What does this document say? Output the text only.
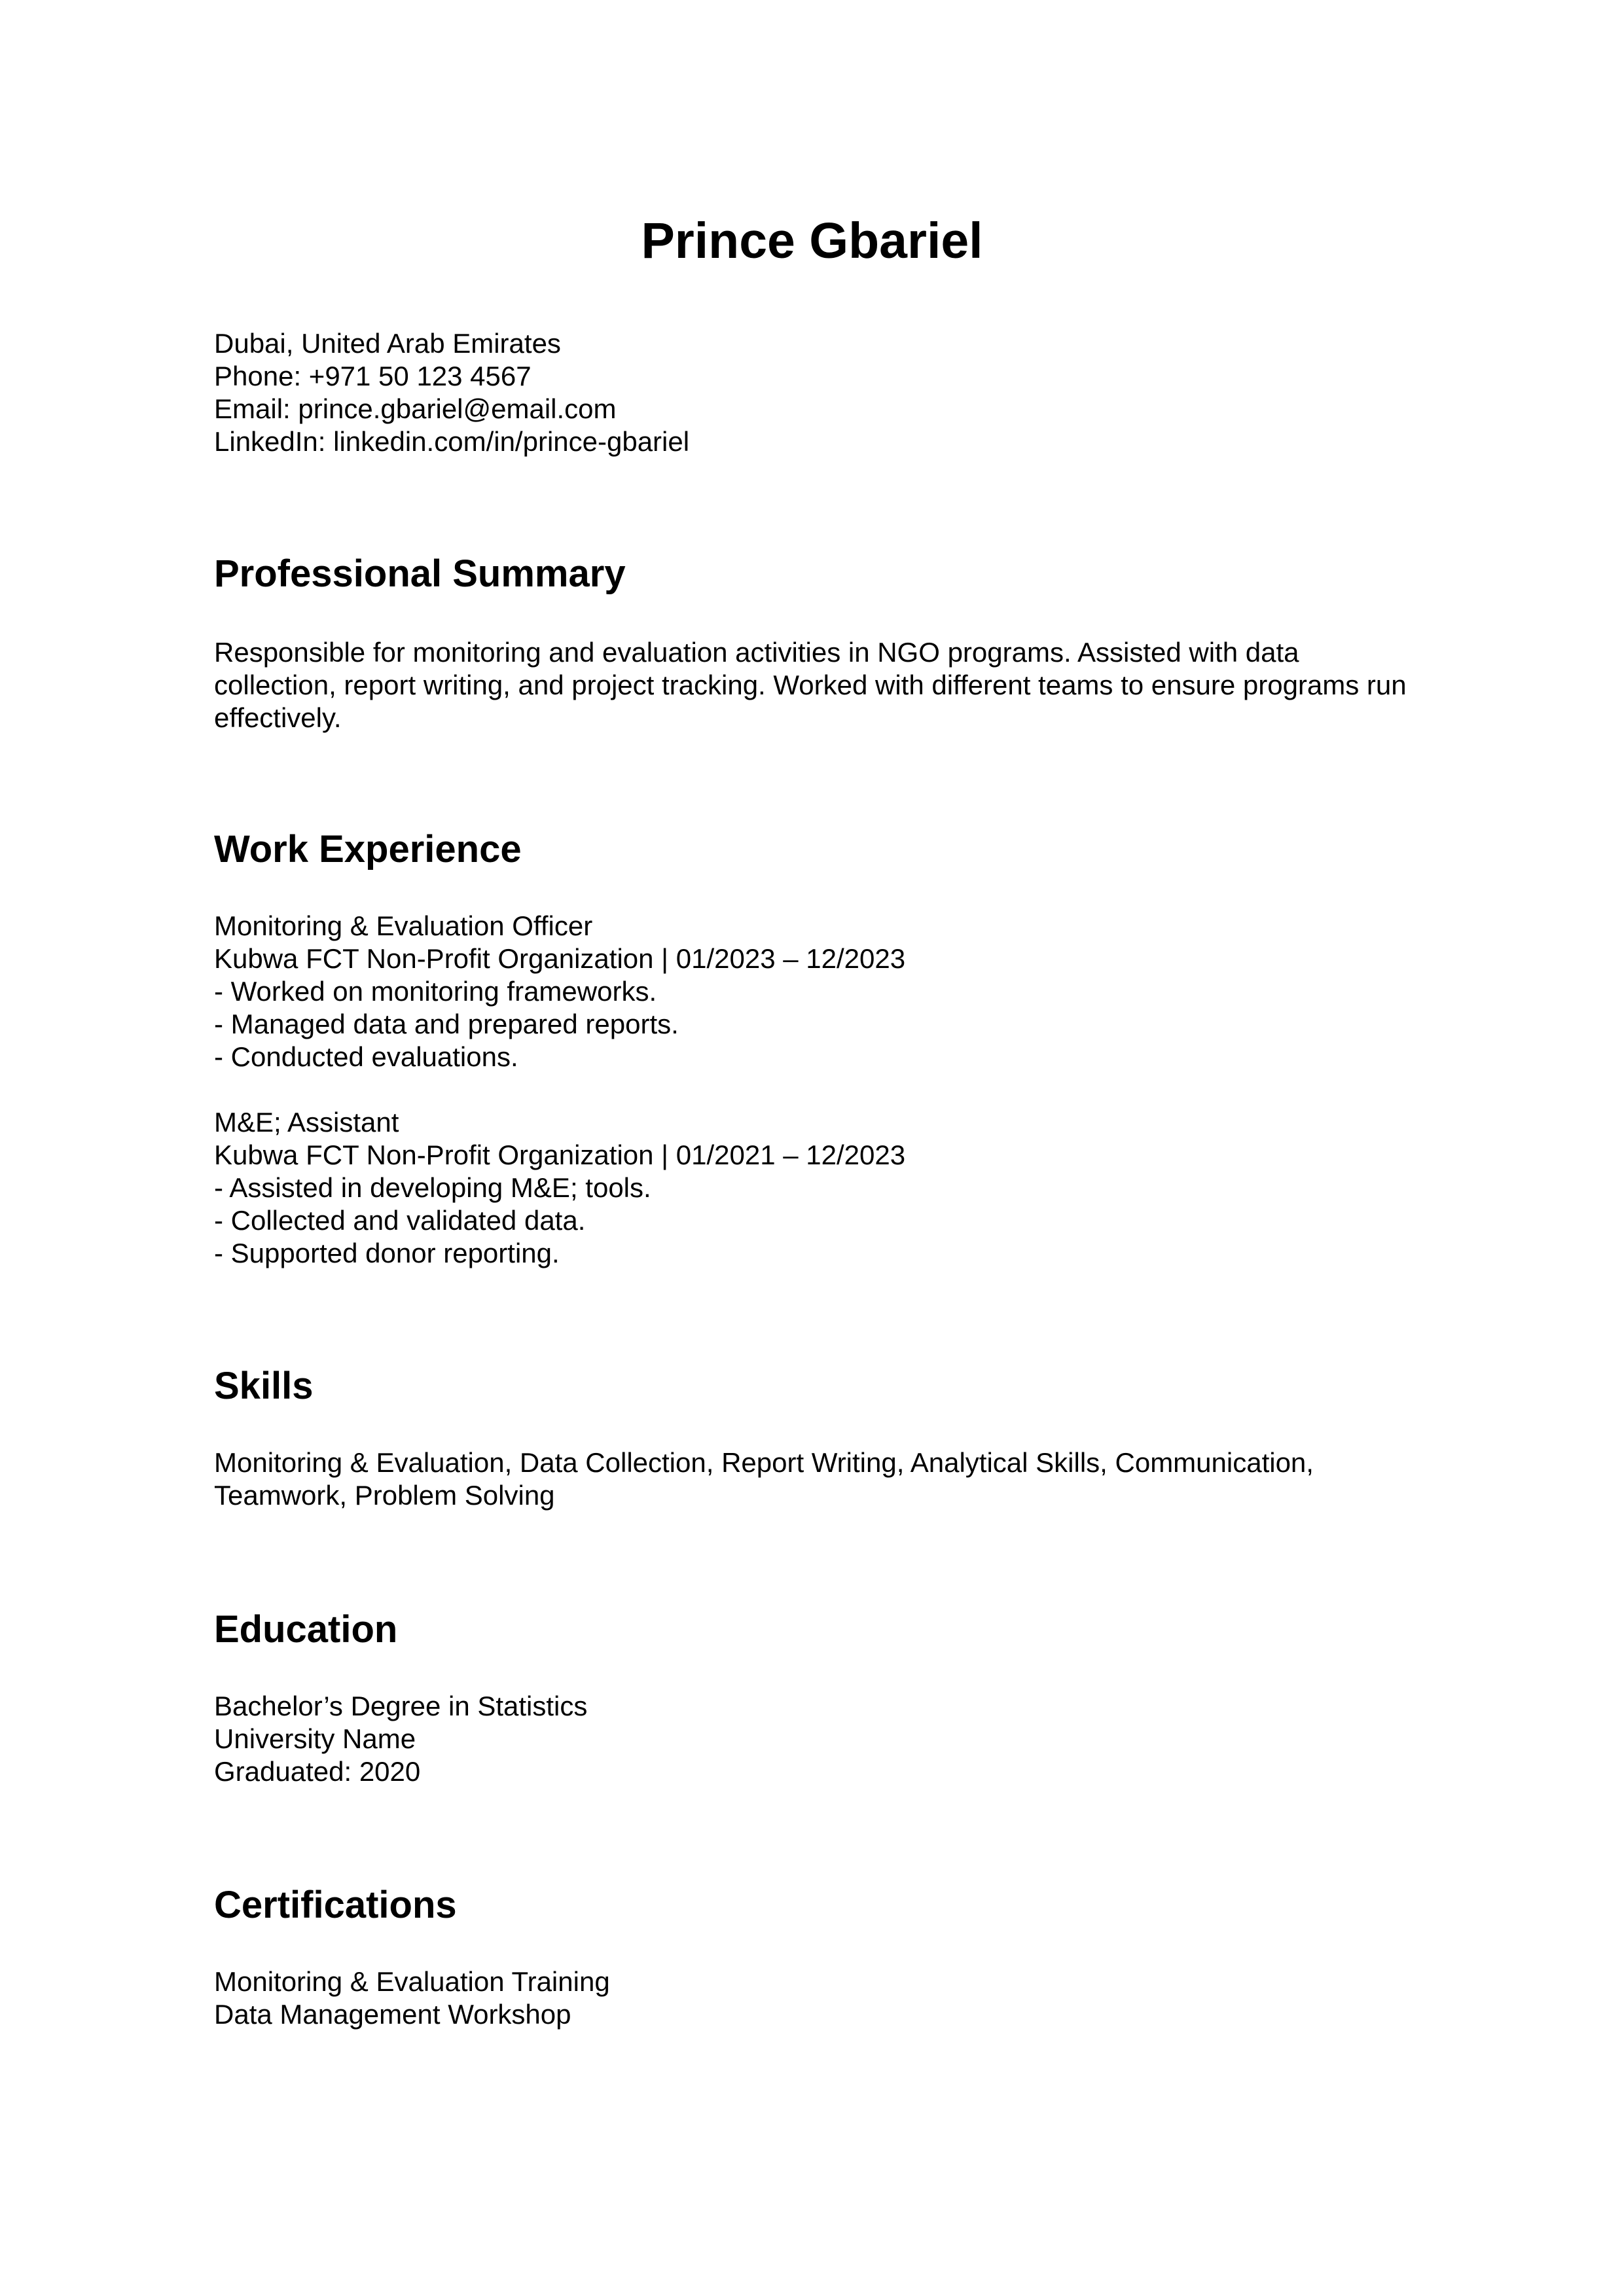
Prince Gbariel
Dubai, United Arab Emirates
Phone: +971 50 123 4567
Email: prince.gbariel@email.com
LinkedIn: linkedin.com/in/prince-gbariel
Professional Summary
Responsible for monitoring and evaluation activities in NGO programs. Assisted with data collection, report writing, and project tracking. Worked with different teams to ensure programs run effectively.
Work Experience
Monitoring & Evaluation Officer
Kubwa FCT Non-Profit Organization | 01/2023 – 12/2023
- Worked on monitoring frameworks.
- Managed data and prepared reports.
- Conducted evaluations.
M&E; Assistant
Kubwa FCT Non-Profit Organization | 01/2021 – 12/2023
- Assisted in developing M&E; tools.
- Collected and validated data.
- Supported donor reporting.
Skills
Monitoring & Evaluation, Data Collection, Report Writing, Analytical Skills, Communication, Teamwork, Problem Solving
Education
Bachelor’s Degree in Statistics
University Name
Graduated: 2020
Certifications
Monitoring & Evaluation Training
Data Management Workshop
